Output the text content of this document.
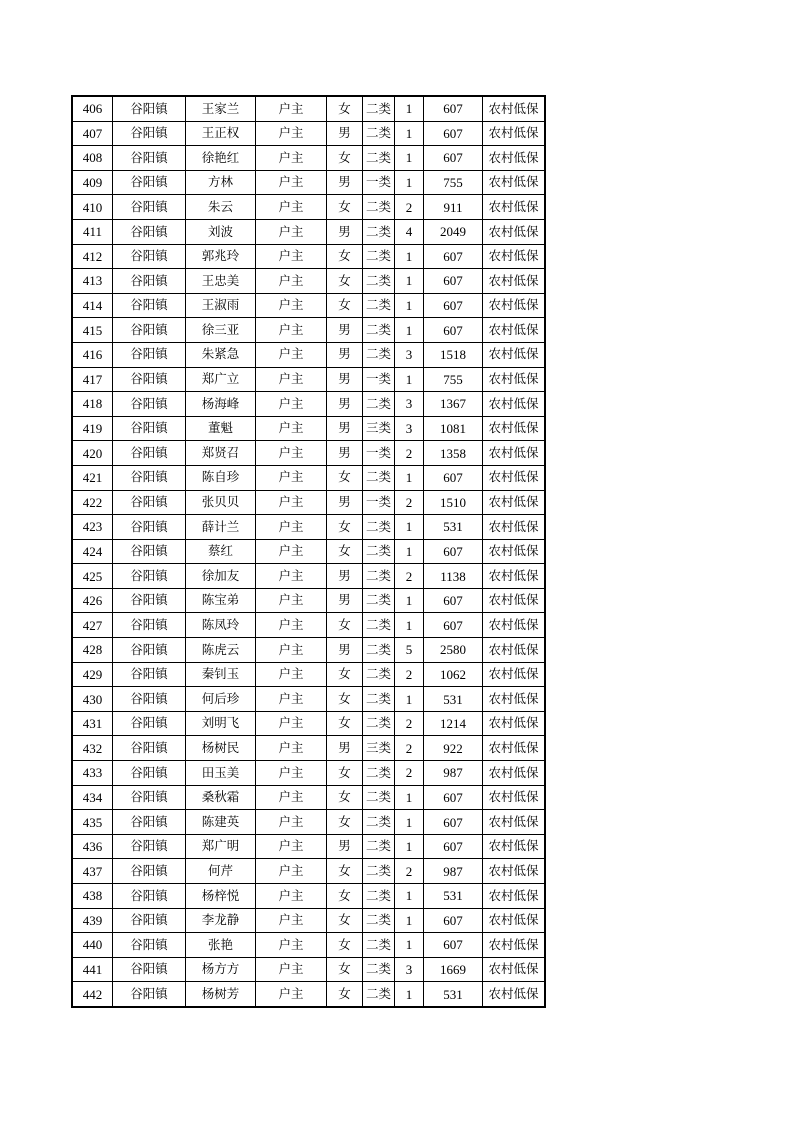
406	谷阳镇	王家兰	户主	女	二类	1	607	农村低保
407	谷阳镇	王正权	户主	男	二类	1	607	农村低保
408	谷阳镇	徐艳红	户主	女	二类	1	607	农村低保
409	谷阳镇	方林	户主	男	一类	1	755	农村低保
410	谷阳镇	朱云	户主	女	二类	2	911	农村低保
411	谷阳镇	刘波	户主	男	二类	4	2049	农村低保
412	谷阳镇	郭兆玲	户主	女	二类	1	607	农村低保
413	谷阳镇	王忠美	户主	女	二类	1	607	农村低保
414	谷阳镇	王淑雨	户主	女	二类	1	607	农村低保
415	谷阳镇	徐三亚	户主	男	二类	1	607	农村低保
416	谷阳镇	朱紧急	户主	男	二类	3	1518	农村低保
417	谷阳镇	郑广立	户主	男	一类	1	755	农村低保
418	谷阳镇	杨海峰	户主	男	二类	3	1367	农村低保
419	谷阳镇	董魁	户主	男	三类	3	1081	农村低保
420	谷阳镇	郑贤召	户主	男	一类	2	1358	农村低保
421	谷阳镇	陈自珍	户主	女	二类	1	607	农村低保
422	谷阳镇	张贝贝	户主	男	一类	2	1510	农村低保
423	谷阳镇	薛计兰	户主	女	二类	1	531	农村低保
424	谷阳镇	蔡红	户主	女	二类	1	607	农村低保
425	谷阳镇	徐加友	户主	男	二类	2	1138	农村低保
426	谷阳镇	陈宝弟	户主	男	二类	1	607	农村低保
427	谷阳镇	陈凤玲	户主	女	二类	1	607	农村低保
428	谷阳镇	陈虎云	户主	男	二类	5	2580	农村低保
429	谷阳镇	秦钊玉	户主	女	二类	2	1062	农村低保
430	谷阳镇	何后珍	户主	女	二类	1	531	农村低保
431	谷阳镇	刘明飞	户主	女	二类	2	1214	农村低保
432	谷阳镇	杨树民	户主	男	三类	2	922	农村低保
433	谷阳镇	田玉美	户主	女	二类	2	987	农村低保
434	谷阳镇	桑秋霜	户主	女	二类	1	607	农村低保
435	谷阳镇	陈建英	户主	女	二类	1	607	农村低保
436	谷阳镇	郑广明	户主	男	二类	1	607	农村低保
437	谷阳镇	何芹	户主	女	二类	2	987	农村低保
438	谷阳镇	杨梓悦	户主	女	二类	1	531	农村低保
439	谷阳镇	李龙静	户主	女	二类	1	607	农村低保
440	谷阳镇	张艳	户主	女	二类	1	607	农村低保
441	谷阳镇	杨方方	户主	女	二类	3	1669	农村低保
442	谷阳镇	杨树芳	户主	女	二类	1	531	农村低保
